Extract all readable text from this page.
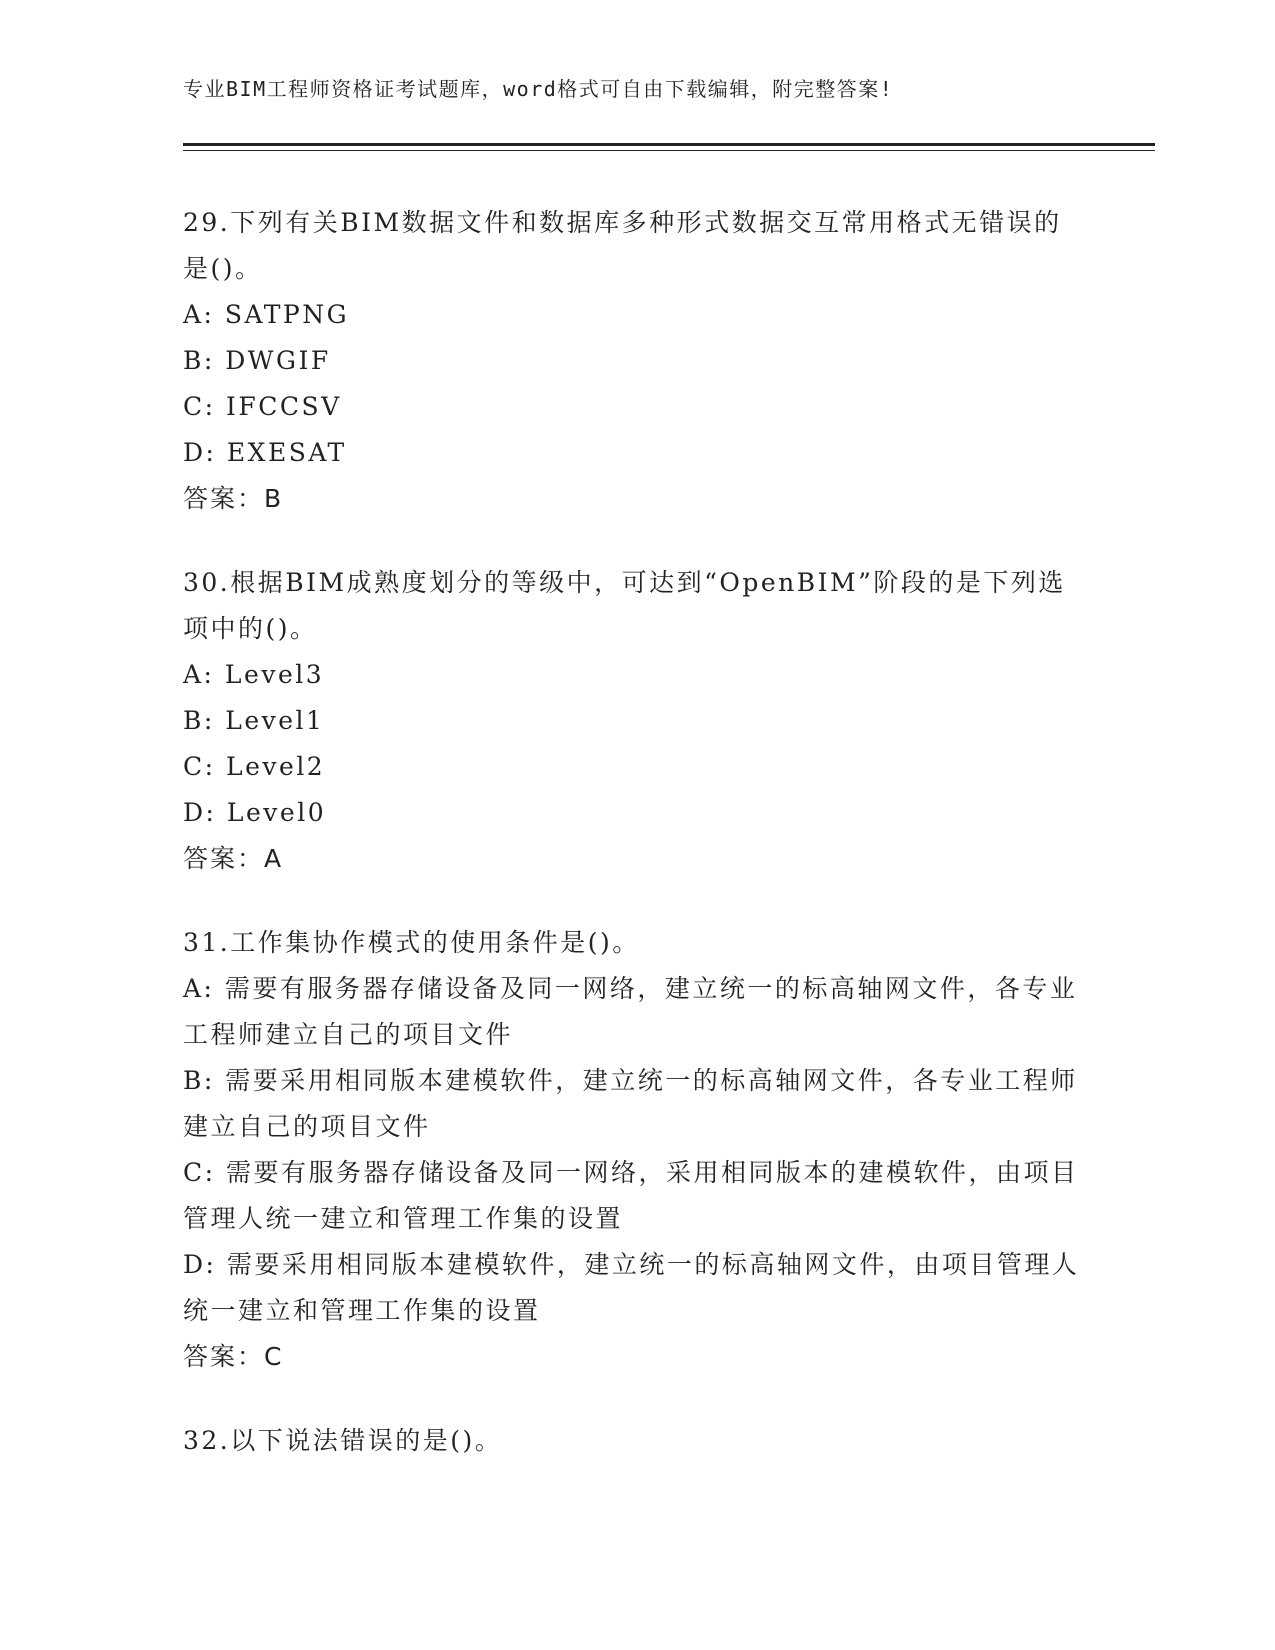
专业BIM工程师资格证考试题库，word格式可自由下载编辑，附完整答案!
29.下列有关BIM数据文件和数据库多种形式数据交互常用格式无错误的是()。
A: SATPNG
B: DWGIF
C: IFCCSV
D: EXESAT
答案：B
30.根据BIM成熟度划分的等级中，可达到“OpenBIM”阶段的是下列选项中的()。
A: Level3
B: Level1
C: Level2
D: Level0
答案：A
31.工作集协作模式的使用条件是()。
A: 需要有服务器存储设备及同一网络，建立统一的标高轴网文件，各专业工程师建立自己的项目文件
B: 需要采用相同版本建模软件，建立统一的标高轴网文件，各专业工程师建立自己的项目文件
C: 需要有服务器存储设备及同一网络，采用相同版本的建模软件，由项目管理人统一建立和管理工作集的设置
D: 需要采用相同版本建模软件，建立统一的标高轴网文件，由项目管理人统一建立和管理工作集的设置
答案：C
32.以下说法错误的是()。
